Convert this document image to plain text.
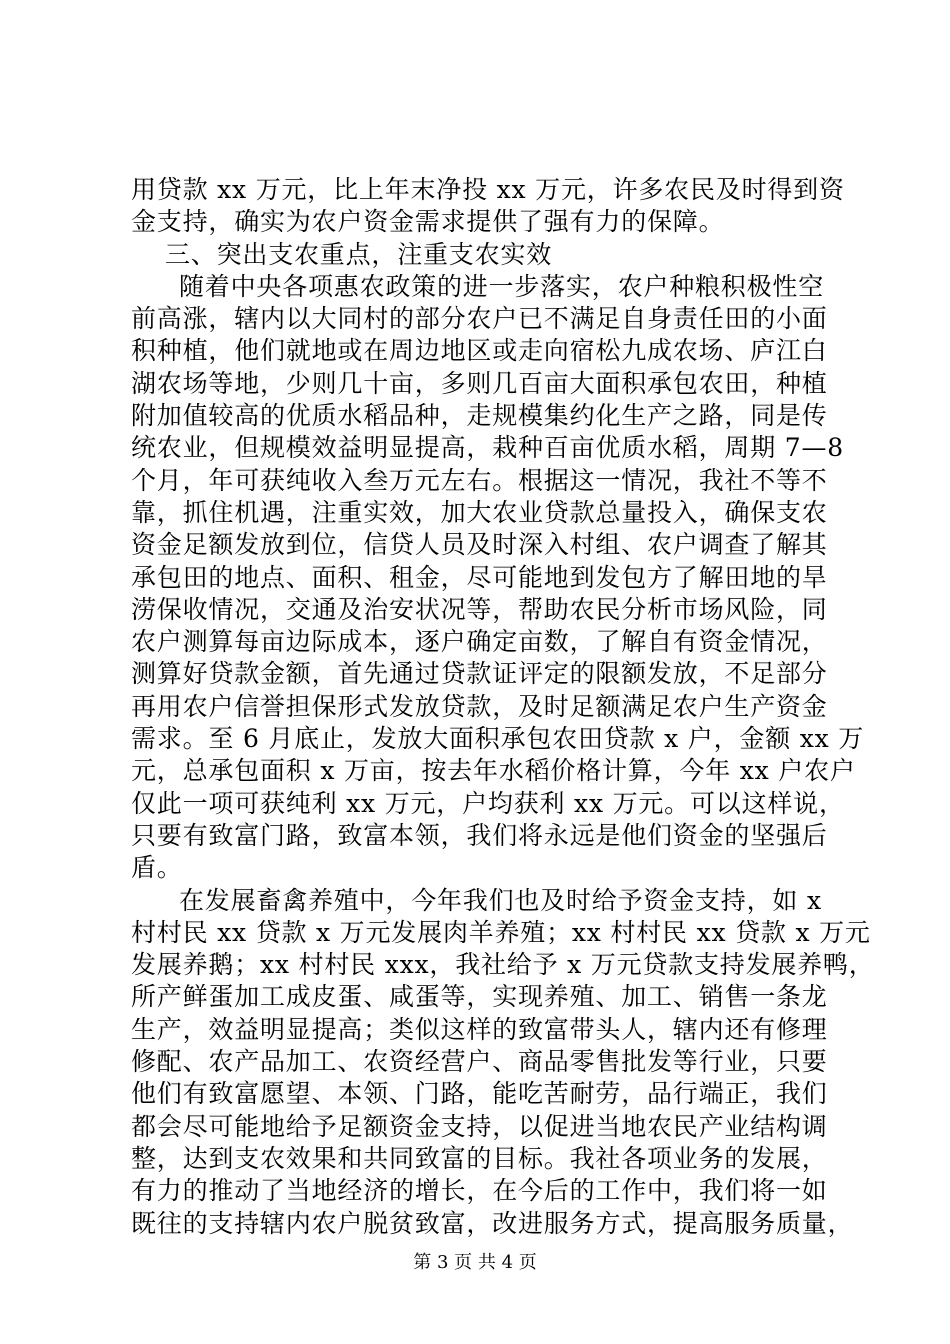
用贷款 xx 万元，比上年末净投 xx 万元，许多农民及时得到资
金支持，确实为农户资金需求提供了强有力的保障。
三、突出支农重点，注重支农实效
随着中央各项惠农政策的进一步落实，农户种粮积极性空
前高涨，辖内以大同村的部分农户已不满足自身责任田的小面
积种植，他们就地或在周边地区或走向宿松九成农场、庐江白
湖农场等地，少则几十亩，多则几百亩大面积承包农田，种植
附加值较高的优质水稻品种，走规模集约化生产之路，同是传
统农业，但规模效益明显提高，栽种百亩优质水稻，周期 7—8
个月，年可获纯收入叁万元左右。根据这一情况，我社不等不
靠，抓住机遇，注重实效，加大农业贷款总量投入，确保支农
资金足额发放到位，信贷人员及时深入村组、农户调查了解其
承包田的地点、面积、租金，尽可能地到发包方了解田地的旱
涝保收情况，交通及治安状况等，帮助农民分析市场风险，同
农户测算每亩边际成本，逐户确定亩数，了解自有资金情况，
测算好贷款金额，首先通过贷款证评定的限额发放，不足部分
再用农户信誉担保形式发放贷款，及时足额满足农户生产资金
需求。至 6 月底止，发放大面积承包农田贷款 x 户，金额 xx 万
元，总承包面积 x 万亩，按去年水稻价格计算，今年 xx 户农户
仅此一项可获纯利 xx 万元，户均获利 xx 万元。可以这样说，
只要有致富门路，致富本领，我们将永远是他们资金的坚强后
盾。
在发展畜禽养殖中，今年我们也及时给予资金支持，如 x
村村民 xx 贷款 x 万元发展肉羊养殖；xx 村村民 xx 贷款 x 万元
发展养鹅；xx 村村民 xxx，我社给予 x 万元贷款支持发展养鸭，
所产鲜蛋加工成皮蛋、咸蛋等，实现养殖、加工、销售一条龙
生产，效益明显提高；类似这样的致富带头人，辖内还有修理
修配、农产品加工、农资经营户、商品零售批发等行业，只要
他们有致富愿望、本领、门路，能吃苦耐劳，品行端正，我们
都会尽可能地给予足额资金支持，以促进当地农民产业结构调
整，达到支农效果和共同致富的目标。我社各项业务的发展，
有力的推动了当地经济的增长，在今后的工作中，我们将一如
既往的支持辖内农户脱贫致富，改进服务方式，提高服务质量，
第 3 页 共 4 页
